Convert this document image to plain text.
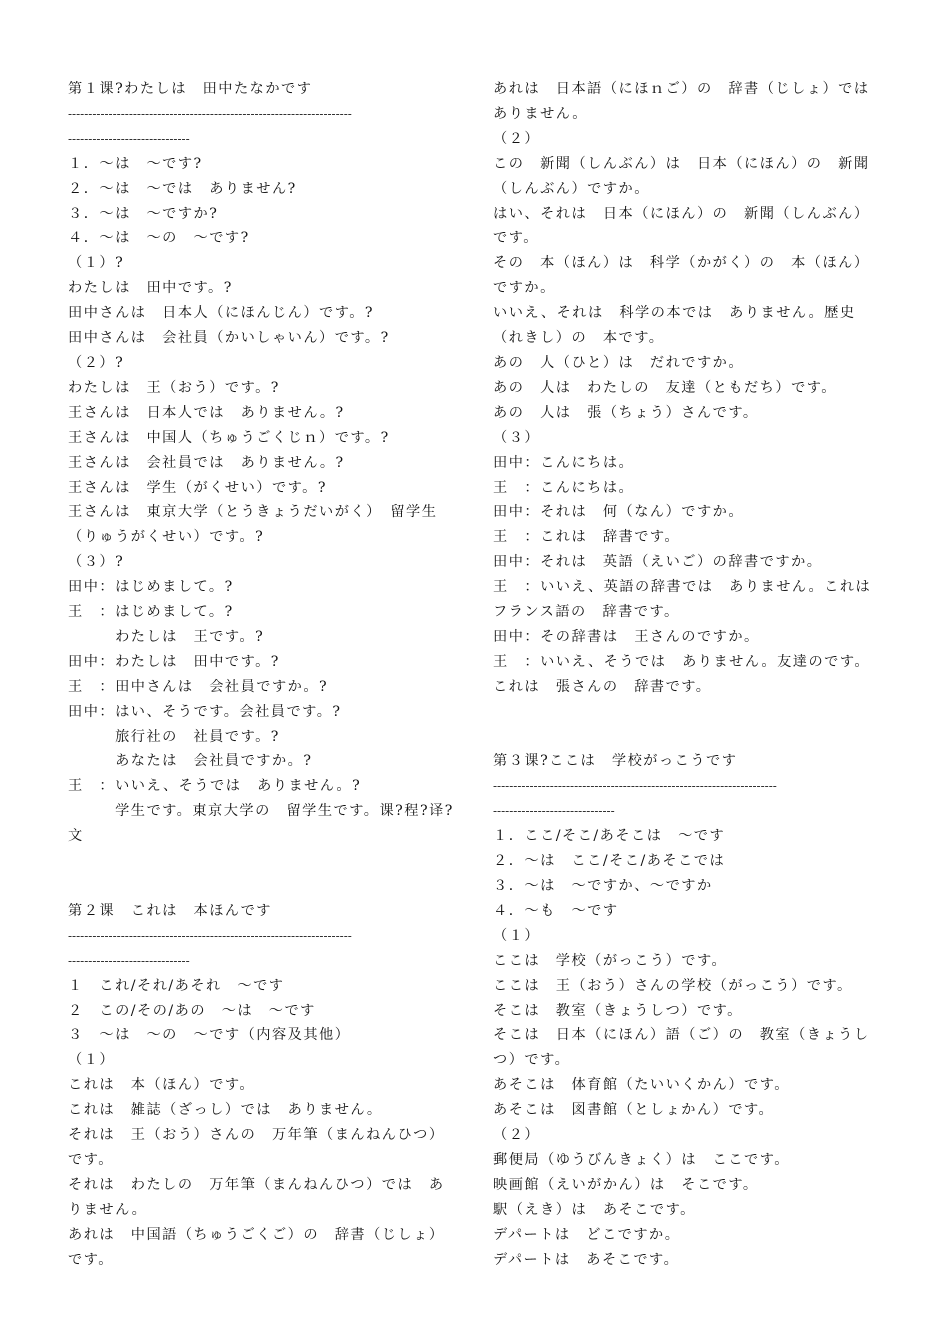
第１课?わたしは　田中たなかです
----------------------------------------------------------------------
------------------------------
１．～は　～です?
２．～は　～では　ありません?
３．～は　～ですか?
４．～は　～の　～です?
（１）?
わたしは　田中です。?
田中さんは　日本人（にほんじん）です。?
田中さんは　会社員（かいしゃいん）です。?
（２）?
わたしは　王（おう）です。?
王さんは　日本人では　ありません。?
王さんは　中国人（ちゅうごくじｎ）です。?
王さんは　会社員では　ありません。?
王さんは　学生（がくせい）です。?
王さんは　東京大学（とうきょうだいがく）　留学生（りゅうがくせい）です。?
（３）?
田中：はじめまして。?
王　：はじめまして。?
　　　わたしは　王です。?
田中：わたしは　田中です。?
王　：田中さんは　会社員ですか。?
田中：はい、そうです。会社員です。?
　　　旅行社の　社員です。?
　　　あなたは　会社員ですか。?
王　：いいえ、そうでは　ありません。?
　　　学生です。東京大学の　留学生です。课?程?译?文
第２课　これは　本ほんです
----------------------------------------------------------------------
------------------------------
１　これ/それ/あそれ　～です
２　この/その/あの　～は　～です
３　～は　～の　～です（内容及其他）
（１）
これは　本（ほん）です。
これは　雑誌（ざっし）では　ありません。
それは　王（おう）さんの　万年筆（まんねんひつ）です。
それは　わたしの　万年筆（まんねんひつ）では　ありません。
あれは　中国語（ちゅうごくご）の　辞書（じしょ）です。
あれは　日本語（にほｎご）の　辞書（じしょ）では　ありません。
（２）
この　新聞（しんぶん）は　日本（にほん）の　新聞（しんぶん）ですか。
はい、それは　日本（にほん）の　新聞（しんぶん）です。
その　本（ほん）は　科学（かがく）の　本（ほん）ですか。
いいえ、それは　科学の本では　ありません。歴史（れきし）の　本です。
あの　人（ひと）は　だれですか。
あの　人は　わたしの　友達（ともだち）です。
あの　人は　張（ちょう）さんです。
（３）
田中：こんにちは。
王　：こんにちは。
田中：それは　何（なん）ですか。
王　：これは　辞書です。
田中：それは　英語（えいご）の辞書ですか。
王　：いいえ、英語の辞書では　ありません。これは　フランス語の　辞書です。
田中：その辞書は　王さんのですか。
王　：いいえ、そうでは　ありません。友達のです。これは　張さんの　辞書です。
第３课?ここは　学校がっこうです
----------------------------------------------------------------------
------------------------------
１．ここ/そこ/あそこは　～です
２．～は　ここ/そこ/あそこでは
３．～は　～ですか、～ですか
４．～も　～です
（１）
ここは　学校（がっこう）です。
ここは　王（おう）さんの学校（がっこう）です。
そこは　教室（きょうしつ）です。
そこは　日本（にほん）語（ご）の　教室（きょうしつ）です。
あそこは　体育館（たいいくかん）です。
あそこは　図書館（としょかん）です。
（２）
郵便局（ゆうびんきょく）は　ここです。
映画館（えいがかん）は　そこです。
駅（えき）は　あそこです。
デパートは　どこですか。
デパートは　あそこです。
